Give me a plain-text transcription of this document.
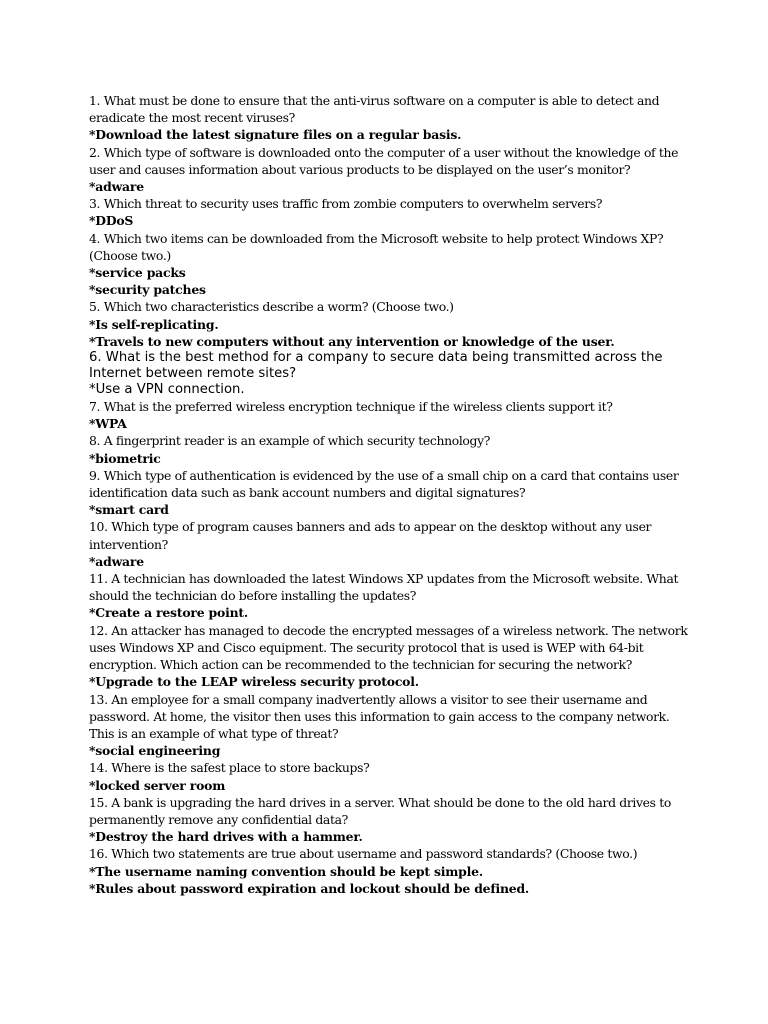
1. What must be done to ensure that the anti-virus software on a computer is able to detect and eradicate the most recent viruses?

*Download the latest signature files on a regular basis.

2. Which type of software is downloaded onto the computer of a user without the knowledge of the user and causes information about various products to be displayed on the user’s monitor?

*adware

3. Which threat to security uses traffic from zombie computers to overwhelm servers?

*DDoS

4. Which two items can be downloaded from the Microsoft website to help protect Windows XP? (Choose two.)

*service packs

*security patches

5. Which two characteristics describe a worm? (Choose two.)

*Is self-replicating.

*Travels to new computers without any intervention or knowledge of the user.

6. What is the best method for a company to secure data being transmitted across the Internet between remote sites?

*Use a VPN connection.

7. What is the preferred wireless encryption technique if the wireless clients support it?

*WPA

8. A fingerprint reader is an example of which security technology?

*biometric

9. Which type of authentication is evidenced by the use of a small chip on a card that contains user identification data such as bank account numbers and digital signatures?

*smart card

10. Which type of program causes banners and ads to appear on the desktop without any user intervention?

*adware

11. A technician has downloaded the latest Windows XP updates from the Microsoft website. What should the technician do before installing the updates?

*Create a restore point.

12. An attacker has managed to decode the encrypted messages of a wireless network. The network uses Windows XP and Cisco equipment. The security protocol that is used is WEP with 64-bit encryption. Which action can be recommended to the technician for securing the network?

*Upgrade to the LEAP wireless security protocol.

13. An employee for a small company inadvertently allows a visitor to see their username and password. At home, the visitor then uses this information to gain access to the company network. This is an example of what type of threat?

*social engineering

14. Where is the safest place to store backups?

*locked server room

15. A bank is upgrading the hard drives in a server. What should be done to the old hard drives to permanently remove any confidential data?

*Destroy the hard drives with a hammer.

16. Which two statements are true about username and password standards? (Choose two.)

*The username naming convention should be kept simple.

*Rules about password expiration and lockout should be defined.
